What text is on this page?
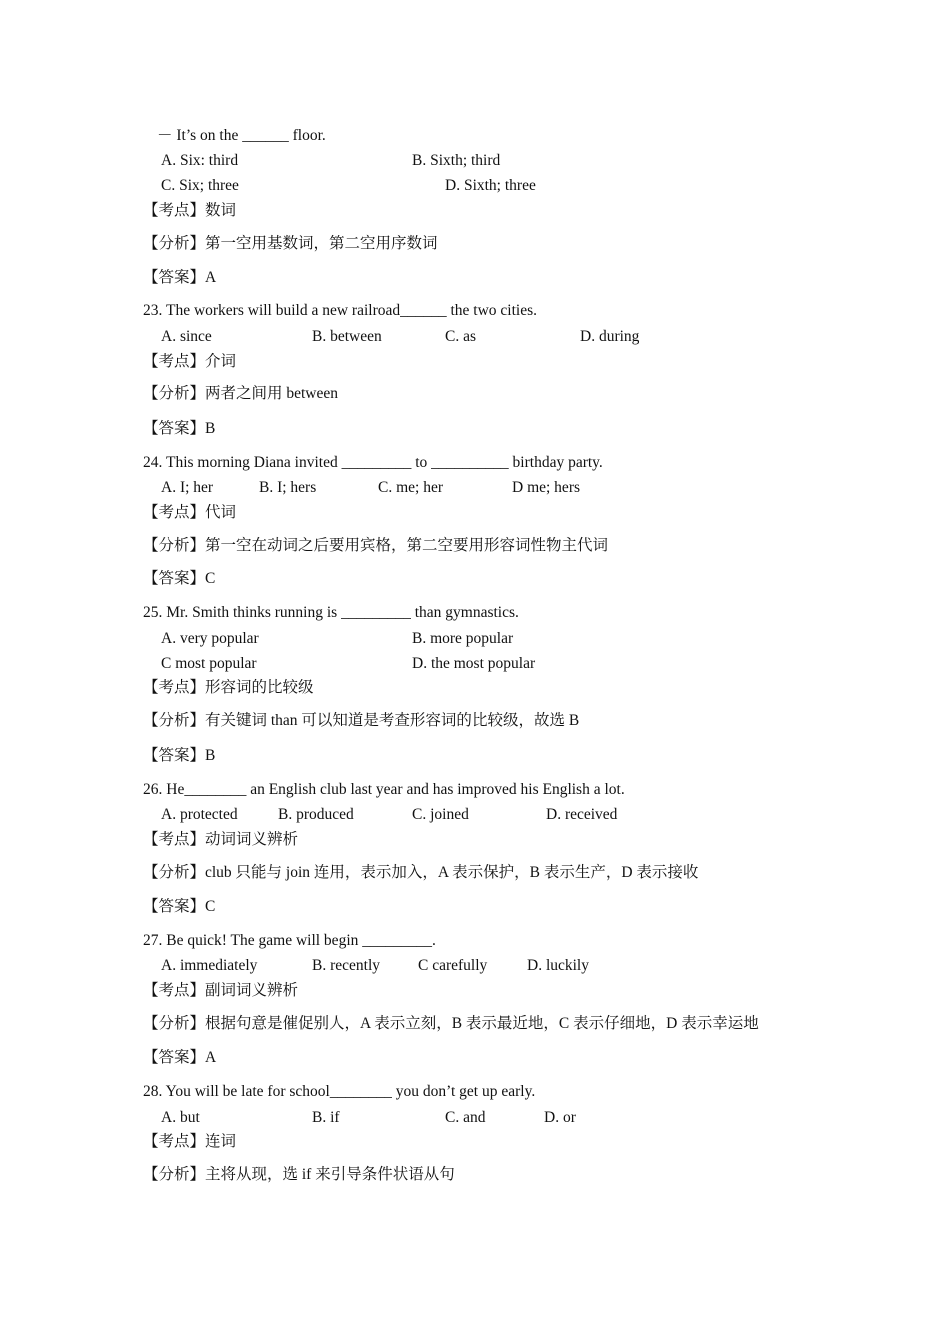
－ It’s on the ______ floor.
A. Six: third	B. Sixth; third
C. Six; three	D. Sixth; three
【考点】数词
【分析】第一空用基数词，第二空用序数词
【答案】A
23. The workers will build a new railroad______ the two cities.
A. since	B. between	C. as	D. during
【考点】介词
【分析】两者之间用 between
【答案】B
24. This morning Diana invited _________ to __________ birthday party.
A. I; her	B. I; hers	C. me; her	D me; hers
【考点】代词
【分析】第一空在动词之后要用宾格，第二空要用形容词性物主代词
【答案】C
25. Mr. Smith thinks running is _________ than gymnastics.
A. very popular	B. more popular
C most popular	D. the most popular
【考点】形容词的比较级
【分析】有关键词 than 可以知道是考查形容词的比较级，故选 B
【答案】B
26. He________ an English club last year and has improved his English a lot.
A. protected	B. produced	C. joined	D. received
【考点】动词词义辨析
【分析】club 只能与 join 连用，表示加入，A 表示保护，B 表示生产，D 表示接收
【答案】C
27. Be quick! The game will begin _________.
A. immediately	B. recently C carefully	D. luckily
【考点】副词词义辨析
【分析】根据句意是催促别人，A 表示立刻，B 表示最近地，C 表示仔细地，D 表示幸运地
【答案】A
28. You will be late for school________ you don’t get up early.
A. but	B. if	C. and	D. or
【考点】连词
【分析】主将从现，选 if 来引导条件状语从句
